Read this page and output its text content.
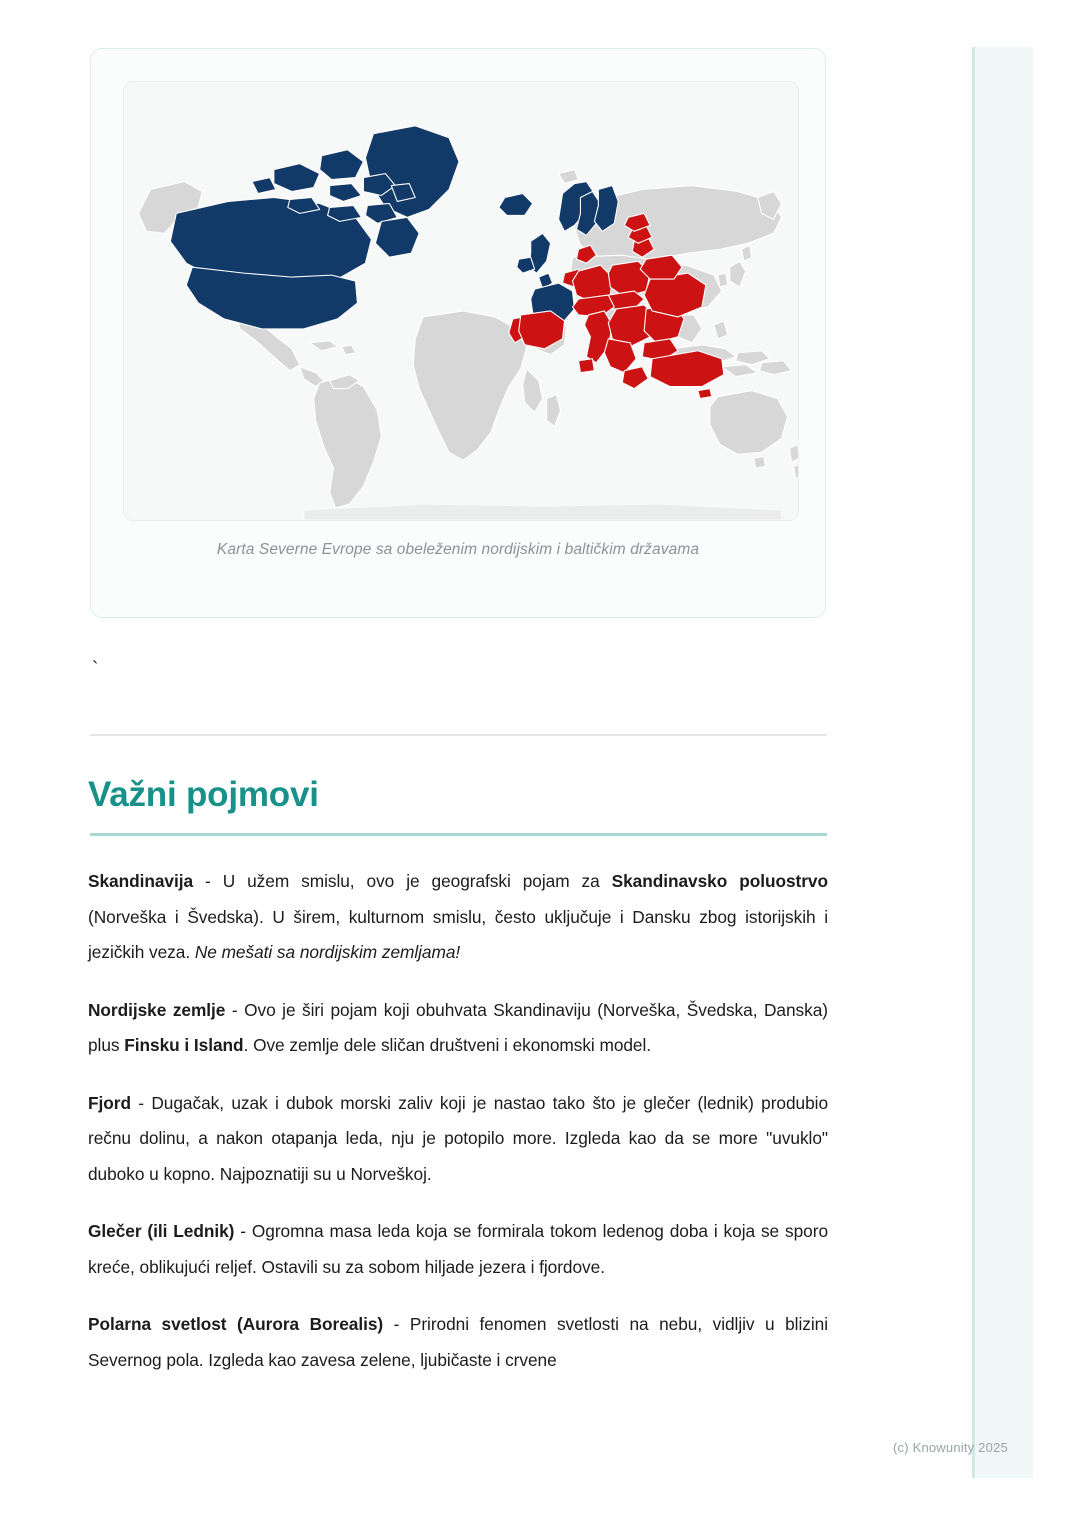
Karta Severne Evrope sa obeleženim nordijskim i baltičkim državama
`
Važni pojmovi

Skandinavija - U užem smislu, ovo je geografski pojam za Skandinavsko poluostrvo (Norveška i Švedska). U širem, kulturnom smislu, često uključuje i Dansku zbog istorijskih i jezičkih veza. Ne mešati sa nordijskim zemljama!

Nordijske zemlje - Ovo je širi pojam koji obuhvata Skandinaviju (Norveška, Švedska, Danska) plus Finsku i Island. Ove zemlje dele sličan društveni i ekonomski model.

Fjord - Dugačak, uzak i dubok morski zaliv koji je nastao tako što je glečer (lednik) produbio rečnu dolinu, a nakon otapanja leda, nju je potopilo more. Izgleda kao da se more "uvuklo" duboko u kopno. Najpoznatiji su u Norveškoj.

Glečer (ili Lednik) - Ogromna masa leda koja se formirala tokom ledenog doba i koja se sporo kreće, oblikujući reljef. Ostavili su za sobom hiljade jezera i fjordove.

Polarna svetlost (Aurora Borealis) - Prirodni fenomen svetlosti na nebu, vidljiv u blizini Severnog pola. Izgleda kao zavesa zelene, ljubičaste i crvene

(c) Knowunity 2025
